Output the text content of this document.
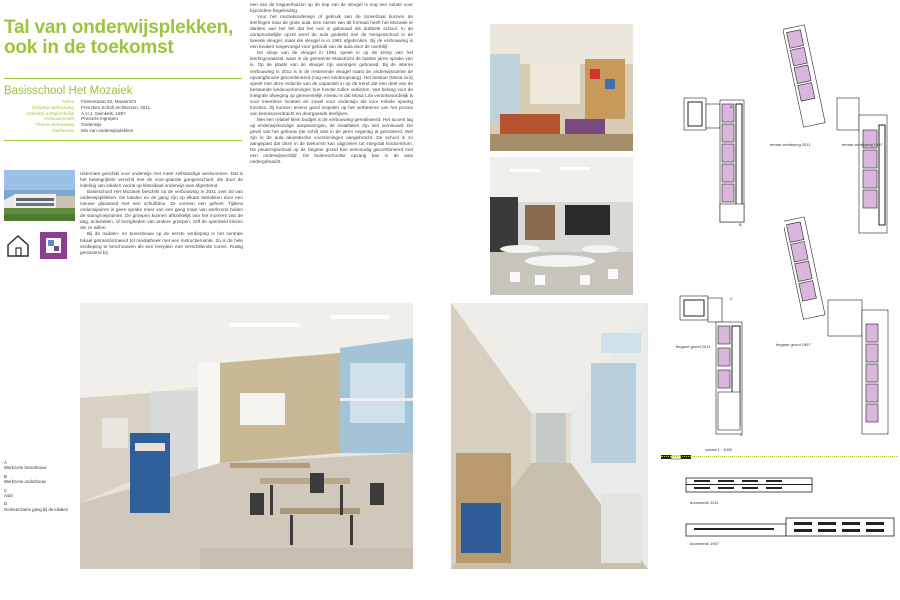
Tal van onderwijsplekken,
ook in de toekomst
Basisschool Het Mozaiek
Adres	Frieterstraat 40, Maastricht
Ontwerp verbouwing	Frencken Scholl architecten, 2011
Ontwerp oorspronkelijk	A.H.J. Swinkels, 1957
Verbouwmodel	Precieze ingrepen
Thema verbouwing	Onderwijs
Taalfunctie	Mix van onderwijsplekken

Uitermate geschikt voor onderwijs met meer zelfstandige werkvormen. Dat is het belangrijkste verschil met de voor-gaande gangenschool, die door de indeling van lokalen vooral op klassikaal onderwijs was afgestemd.

Basisschool Het Mozaiek beschikt na de verbouwing in 2011 over tal van onderwijsplekken. De lokalen en de gang zijn op elkaar betrokken door een nieuwe glaswand met een schuifdeur. Ze vormen een geheel. Tijdens onderwijsuren is geen sprake meer van een gang maar van werkzone buiten de stamgroepruimte. De groepen kunnen afhankelijk van het moment van de dag, activiteiten, of bezigheden van andere groepen, zelf de openheid kiezen die ze willen.

Bij de midden- en bovenbouw op de eerste verdieping is het centrale lokaal getransformeerd tot mediatheek met een instructieruimte. Zo is de hele verdieping te beschouwen als een leerplein met verschillende zones. Rustig geclusterd bij

een van de trappenhuizen op de kop van de vleugel is nog een ruimte voor bijzondere begeleiding.

Voor het muziekonderwijs of gebruik van de toneelzaal kunnen de leerlingen naar de grote aula. Een ruimte van dit formaat heeft het Mozaiek te danken aan het feit dat het ooit is gebouwd als dubbele school. In de oorspronkelijke opzet werd de aula gedeeld met de meisjesschool in de tweede vleugel, maar die vleugel is in 1991 afgebroken. Bij de verbouwing is een keuken toegevoegd voor gebruik van de aula door de overblijf.

De sloop van de vleugel in 1991 speelt in op de krimp van het leerlingenaantal, waar in de gemeente Maastricht de laatste jaren sprake van is. Op de plaats van de vleugel zijn woningen gebouwd. Bij de interne verbouwing in 2011 is in de resterende vleugel naast de onderwijsruimte de opvangfunctie gecombineerd (nog een kinderopvang). Het bestuur (Mosa Lira) speelt met deze reductie van de capaciteit in op de trend dat een deel van de bestaande kindvoorzieningen hun functie zullen verliezen. Van belang voor de integrale afweging op gemeentelijk niveau is dat Mosa Lira verantwoordelijk is voor meerdere locaties en zowel voor onderwijs als voor enkele opvang functies. Zij kunnen tevens goed inspelen op het verbeteren van het proces van kennisoverdracht en doorgaande leerlijnen.

Met een relatief klein budget is de verbouwing gerealiseerd. Het accent lag op onderwijskundige aanpassingen, de installaties zijn niet vernieuwd. De gevel van het gebouw (de schil) was in de jaren negentig al geïsoleerd. Wel zijn in de aula akoestische voorzieningen aangebracht. De school is zo aangepast dat deze in de toekomst kan uitgroeien tot integraal kindcentrum. De peuterspeelzaal op de begane grond kan eenvoudig gecombineerd met een onderwijsverblijf. De buitenschoolse opvang kan in de aula ondergebracht.

A
Werkzone bovenbouw
B
Werkzone onderbouw
C
Aula
D
Gemeenzame gang bij de lokalen
eerste verdieping 2011
begane grond 2011	begane grond 1957
eerste verdieping 1957
A
B
C
D
schaal 1 : 1000
doorsnede 2011
doorsnede 1957
